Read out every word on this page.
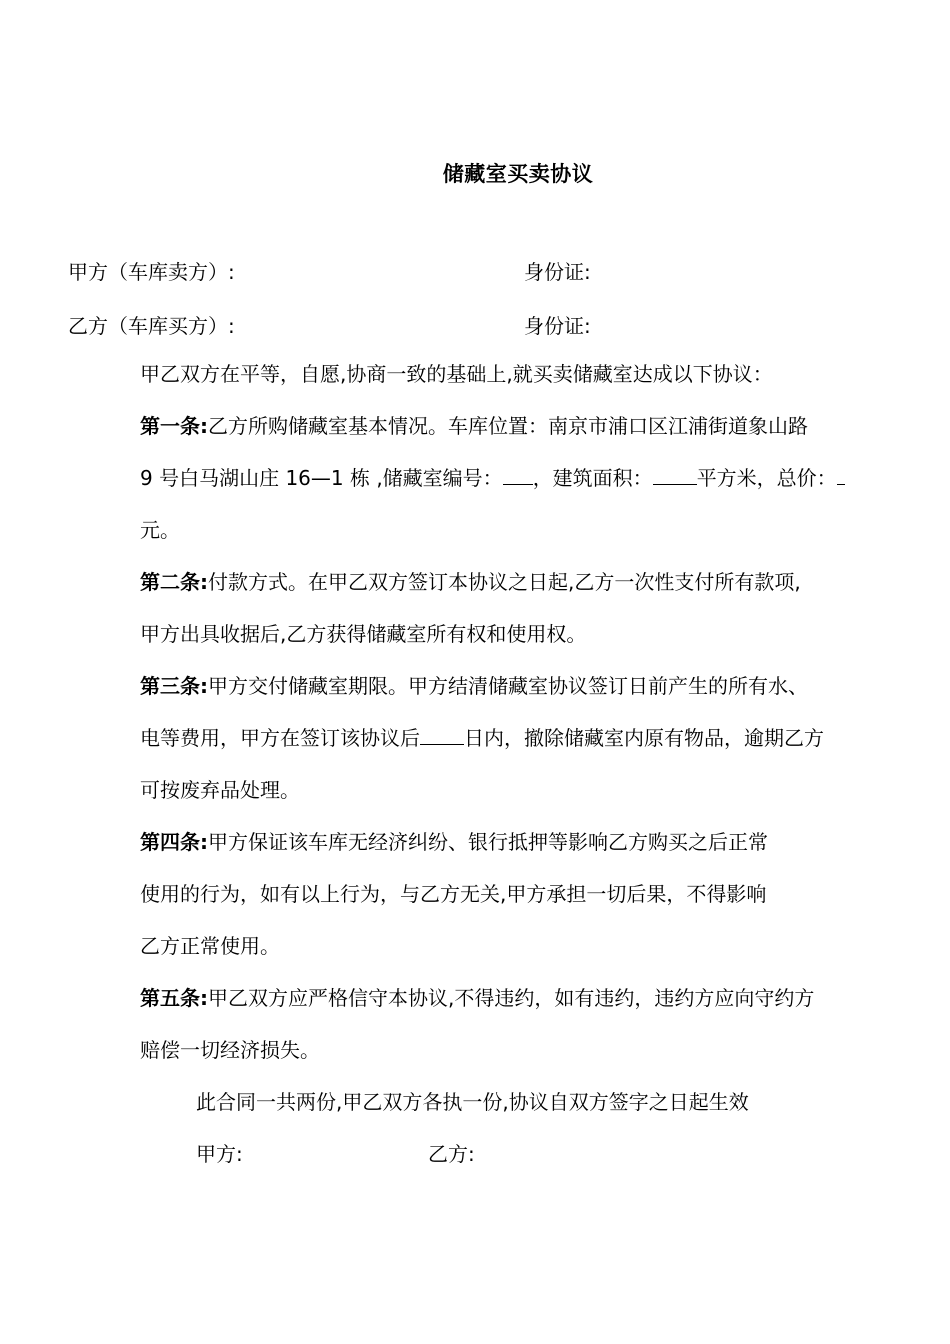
储藏室买卖协议
甲方（车库卖方）:	身份证:
乙方（车库买方）:	身份证:
甲乙双方在平等，自愿,协商一致的基础上,就买卖储藏室达成以下协议：
第一条:乙方所购储藏室基本情况。车库位置：南京市浦口区江浦街道象山路
9 号白马湖山庄 16—1 栋 ,储藏室编号： ，建筑面积： 平方米，总价：
元。
第二条:付款方式。在甲乙双方签订本协议之日起,乙方一次性支付所有款项,
甲方出具收据后,乙方获得储藏室所有权和使用权。
第三条:甲方交付储藏室期限。甲方结清储藏室协议签订日前产生的所有水、
电等费用，甲方在签订该协议后 日内，撤除储藏室内原有物品，逾期乙方
可按废弃品处理。
第四条:甲方保证该车库无经济纠纷、银行抵押等影响乙方购买之后正常
使用的行为，如有以上行为，与乙方无关,甲方承担一切后果，不得影响
乙方正常使用。
第五条:甲乙双方应严格信守本协议,不得违约，如有违约，违约方应向守约方
赔偿一切经济损失。
此合同一共两份,甲乙双方各执一份,协议自双方签字之日起生效
甲方:	乙方:
